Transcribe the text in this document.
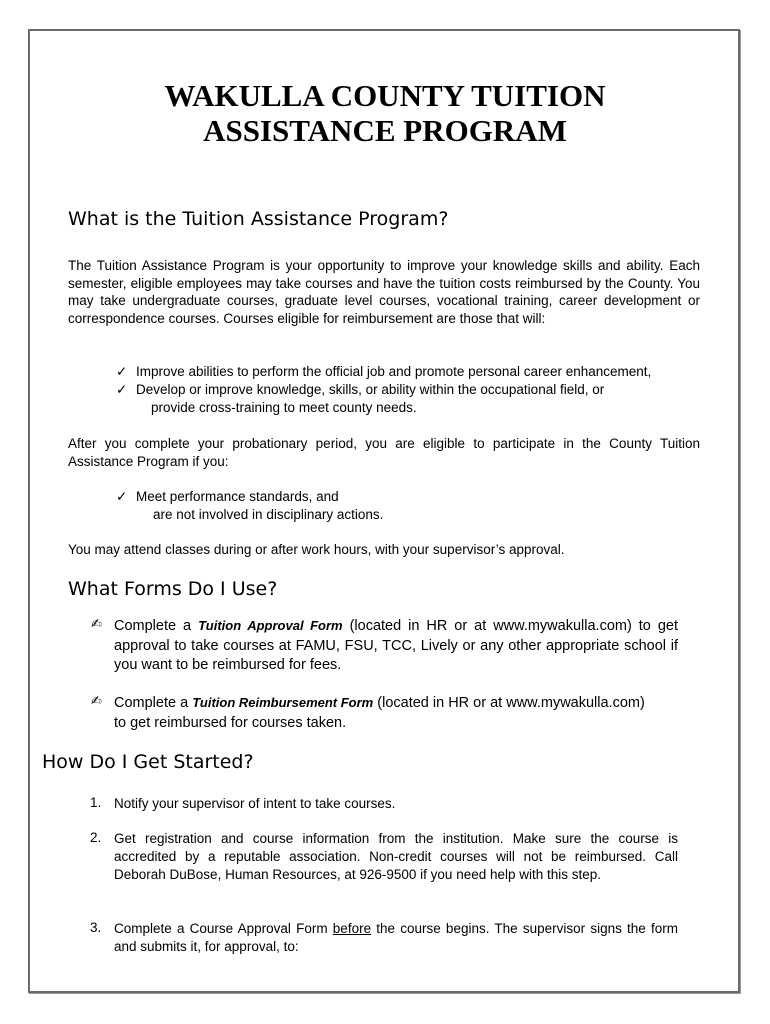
WAKULLA COUNTY TUITION
ASSISTANCE PROGRAM
What is the Tuition Assistance Program?
The Tuition Assistance Program is your opportunity to improve your knowledge skills and ability. Each semester, eligible employees may take courses and have the tuition costs reimbursed by the County. You may take undergraduate courses, graduate level courses, vocational training, career development or correspondence courses. Courses eligible for reimbursement are those that will:
✓ Improve abilities to perform the official job and promote personal career enhancement,
✓ Develop or improve knowledge, skills, or ability within the occupational field, or
provide cross-training to meet county needs.
After you complete your probationary period, you are eligible to participate in the County Tuition Assistance Program if you:
✓ Meet performance standards, and
are not involved in disciplinary actions.
You may attend classes during or after work hours, with your supervisor’s approval.
What Forms Do I Use?
✍ Complete a Tuition Approval Form (located in HR or at www.mywakulla.com) to get approval to take courses at FAMU, FSU, TCC, Lively or any other appropriate school if you want to be reimbursed for fees.
✍ Complete a Tuition Reimbursement Form (located in HR or at www.mywakulla.com)
to get reimbursed for courses taken.
How Do I Get Started?
1. Notify your supervisor of intent to take courses.
2. Get registration and course information from the institution. Make sure the course is accredited by a reputable association. Non-credit courses will not be reimbursed. Call Deborah DuBose, Human Resources, at 926-9500 if you need help with this step.
3. Complete a Course Approval Form before the course begins. The supervisor signs the form and submits it, for approval, to:
